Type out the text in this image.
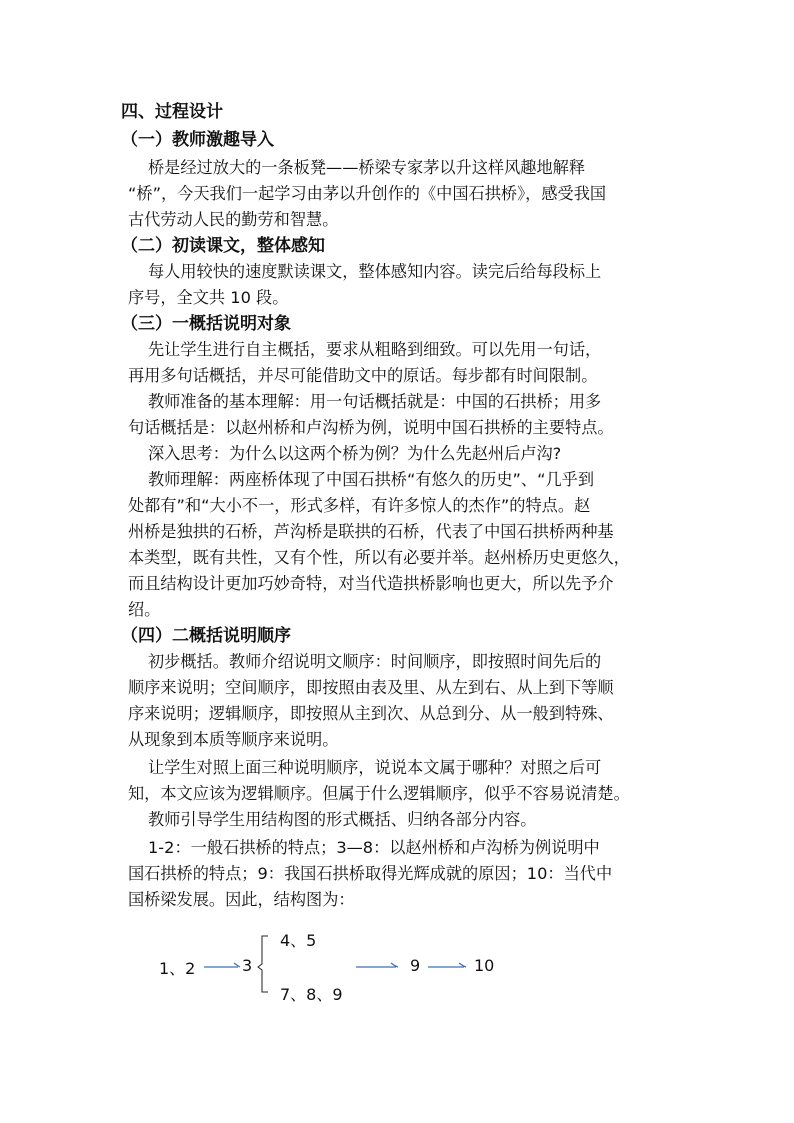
四、过程设计
（一）教师激趣导入
桥是经过放大的一条板凳——桥梁专家茅以升这样风趣地解释
“桥”，今天我们一起学习由茅以升创作的《中国石拱桥》，感受我国
古代劳动人民的勤劳和智慧。
（二）初读课文，整体感知
每人用较快的速度默读课文，整体感知内容。读完后给每段标上
序号，全文共 10 段。
（三）一概括说明对象
先让学生进行自主概括，要求从粗略到细致。可以先用一句话，
再用多句话概括，并尽可能借助文中的原话。每步都有时间限制。
教师准备的基本理解：用一句话概括就是：中国的石拱桥；用多
句话概括是：以赵州桥和卢沟桥为例，说明中国石拱桥的主要特点。
深入思考：为什么以这两个桥为例？为什么先赵州后卢沟?
教师理解：两座桥体现了中国石拱桥“有悠久的历史”、“几乎到
处都有”和“大小不一，形式多样，有许多惊人的杰作”的特点。赵
州桥是独拱的石桥，芦沟桥是联拱的石桥，代表了中国石拱桥两种基
本类型，既有共性，又有个性，所以有必要并举。赵州桥历史更悠久，
而且结构设计更加巧妙奇特，对当代造拱桥影响也更大，所以先予介
绍。
（四）二概括说明顺序
初步概括。教师介绍说明文顺序：时间顺序，即按照时间先后的
顺序来说明；空间顺序，即按照由表及里、从左到右、从上到下等顺
序来说明；逻辑顺序，即按照从主到次、从总到分、从一般到特殊、
从现象到本质等顺序来说明。
让学生对照上面三种说明顺序，说说本文属于哪种？对照之后可
知，本文应该为逻辑顺序。但属于什么逻辑顺序，似乎不容易说清楚。
教师引导学生用结构图的形式概括、归纳各部分内容。
1-2：一般石拱桥的特点；3—8：以赵州桥和卢沟桥为例说明中
国石拱桥的特点；9：我国石拱桥取得光辉成就的原因；10：当代中
国桥梁发展。因此，结构图为：
1、2	3
4、5
7、8、9
9	10
